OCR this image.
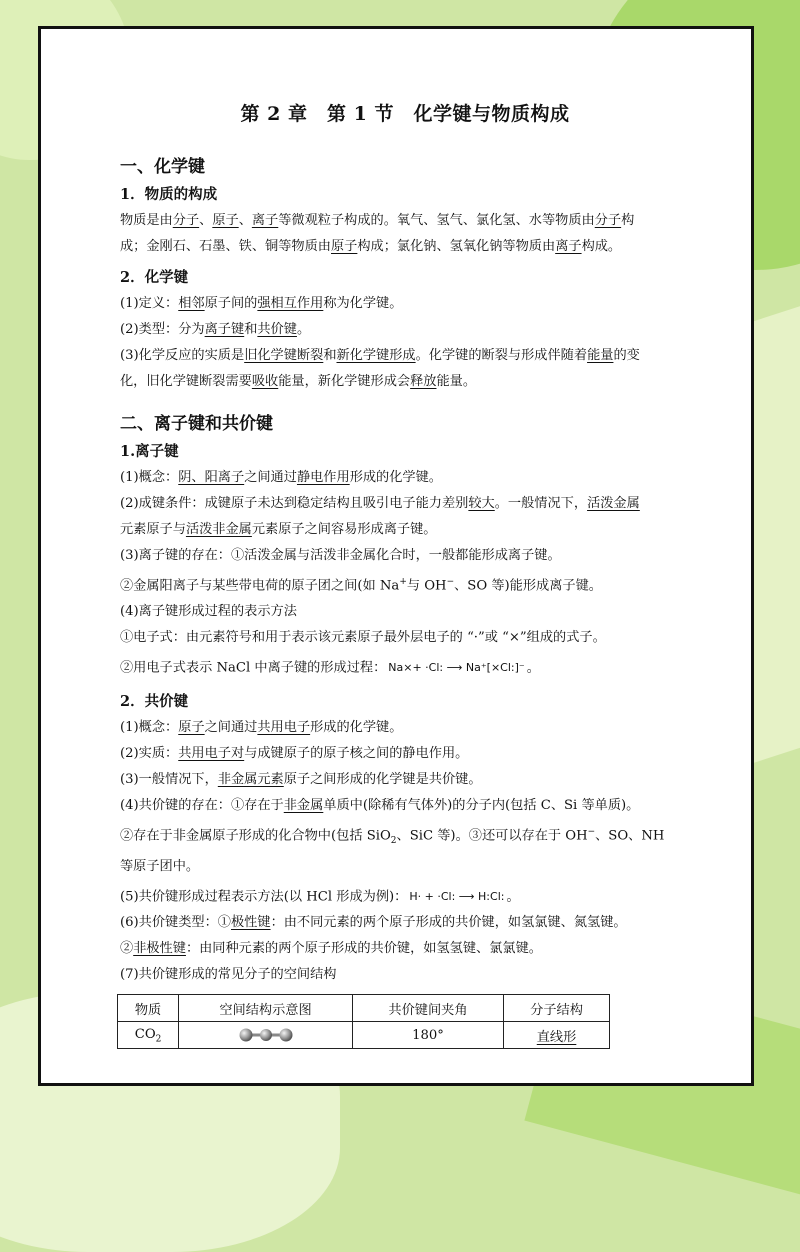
第 2 章　第 1 节　化学键与物质构成
一、化学键
1．物质的构成

物质是由分子、原子、离子等微观粒子构成的。氧气、氢气、氯化氢、水等物质由分子构

成；金刚石、石墨、铁、铜等物质由原子构成；氯化钠、氢氧化钠等物质由离子构成。

2．化学键

(1)定义：相邻原子间的强相互作用称为化学键。

(2)类型：分为离子键和共价键。

(3)化学反应的实质是旧化学键断裂和新化学键形成。化学键的断裂与形成伴随着能量的变

化，旧化学键断裂需要吸收能量，新化学键形成会释放能量。

二、离子键和共价键
1.离子键

(1)概念：阴、阳离子之间通过静电作用形成的化学键。

(2)成键条件：成键原子未达到稳定结构且吸引电子能力差别较大。一般情况下，活泼金属

元素原子与活泼非金属元素原子之间容易形成离子键。

(3)离子键的存在：①活泼金属与活泼非金属化合时，一般都能形成离子键。

②金属阳离子与某些带电荷的原子团之间(如 Na+与 OH−、SO 等)能形成离子键。

(4)离子键形成过程的表示方法

①电子式：由元素符号和用于表示该元素原子最外层电子的 “·”或 “×”组成的式子。

②用电子式表示 NaCl 中离子键的形成过程： Na×+ ·Cl: ⟶ Na⁺[×Cl:]⁻ 。

2．共价键

(1)概念：原子之间通过共用电子形成的化学键。

(2)实质：共用电子对与成键原子的原子核之间的静电作用。

(3)一般情况下，非金属元素原子之间形成的化学键是共价键。

(4)共价键的存在：①存在于非金属单质中(除稀有气体外)的分子内(包括 C、Si 等单质)。

②存在于非金属原子形成的化合物中(包括 SiO$_2$、SiC 等)。③还可以存在于 OH−、SO、NH

等原子团中。

(5)共价键形成过程表示方法(以 HCl 形成为例)： H· + ·Cl: ⟶ H:Cl: 。

(6)共价键类型：①极性键：由不同元素的两个原子形成的共价键，如氢氯键、氮氢键。

②非极性键：由同种元素的两个原子形成的共价键，如氢氢键、氯氯键。

(7)共价键形成的常见分子的空间结构

物质	空间结构示意图	共价键间夹角	分子结构
$CO_2$		180°	直线形
